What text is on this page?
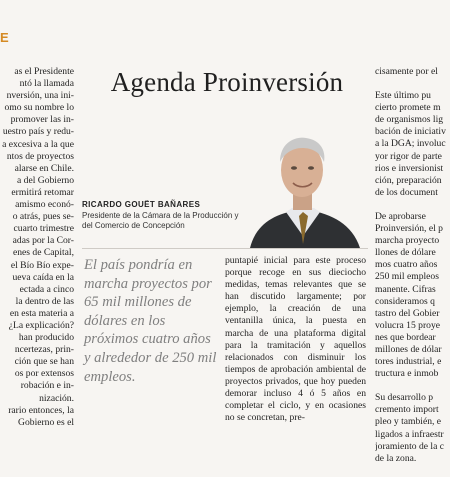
E
as el Presidente
ntó la llamada
nversión, una ini-
omo su nombre lo
promover las in-
uestro país y redu-
a excesiva a la que
ntos de proyectos
alarse en Chile.
a del Gobierno
ermitirá retomar
amismo econó-
o atrás, pues se-
cuarto trimestre
adas por la Cor-
enes de Capital,
el Bío Bío expe-
ueva caída en la
ectada a cinco
la dentro de las
en esta materia a
¿La explicación?
han producido
ncertezas, prin-
ción que se han
os por extensos
robación e in-
nización.
rario entonces, la
Gobierno es el
Agenda Proinversión

RICARDO GOUËT BAÑARES

Presidente de la Cámara de la Producción y del Comercio de Concepción

El país pondría en marcha proyectos por 65 mil millones de dólares en los próximos cuatro años y alrededor de 250 mil empleos.

puntapié inicial para este proceso porque recoge en sus dieciocho medidas, temas relevantes que se han discutido largamente; por ejemplo, la creación de una ventanilla única, la puesta en marcha de una plataforma digital para la tramitación y aquellos relacionados con disminuir los tiempos de aprobación ambiental de proyectos privados, que hoy pueden demorar incluso 4 ó 5 años en completar el ciclo, y en ocasiones no se concretan, pre-

cisamente por el

Este último pu
cierto promete m
de organismos lig
bación de iniciativ
a la DGA; involuc
yor rigor de parte
rios e inversionist
ción, preparación
de los document

De aprobarse
Proinversión, el p
marcha proyecto
llones de dólare
mos cuatro años
250 mil empleos
manente. Cifras
consideramos q
tastro del Gobier
volucra 15 proye
nes que bordear
millones de dólar
tores industrial, e
tructura e inmob

Su desarrollo p
cremento import
pleo y también, e
ligados a infraestr
joramiento de la c
de la zona.
